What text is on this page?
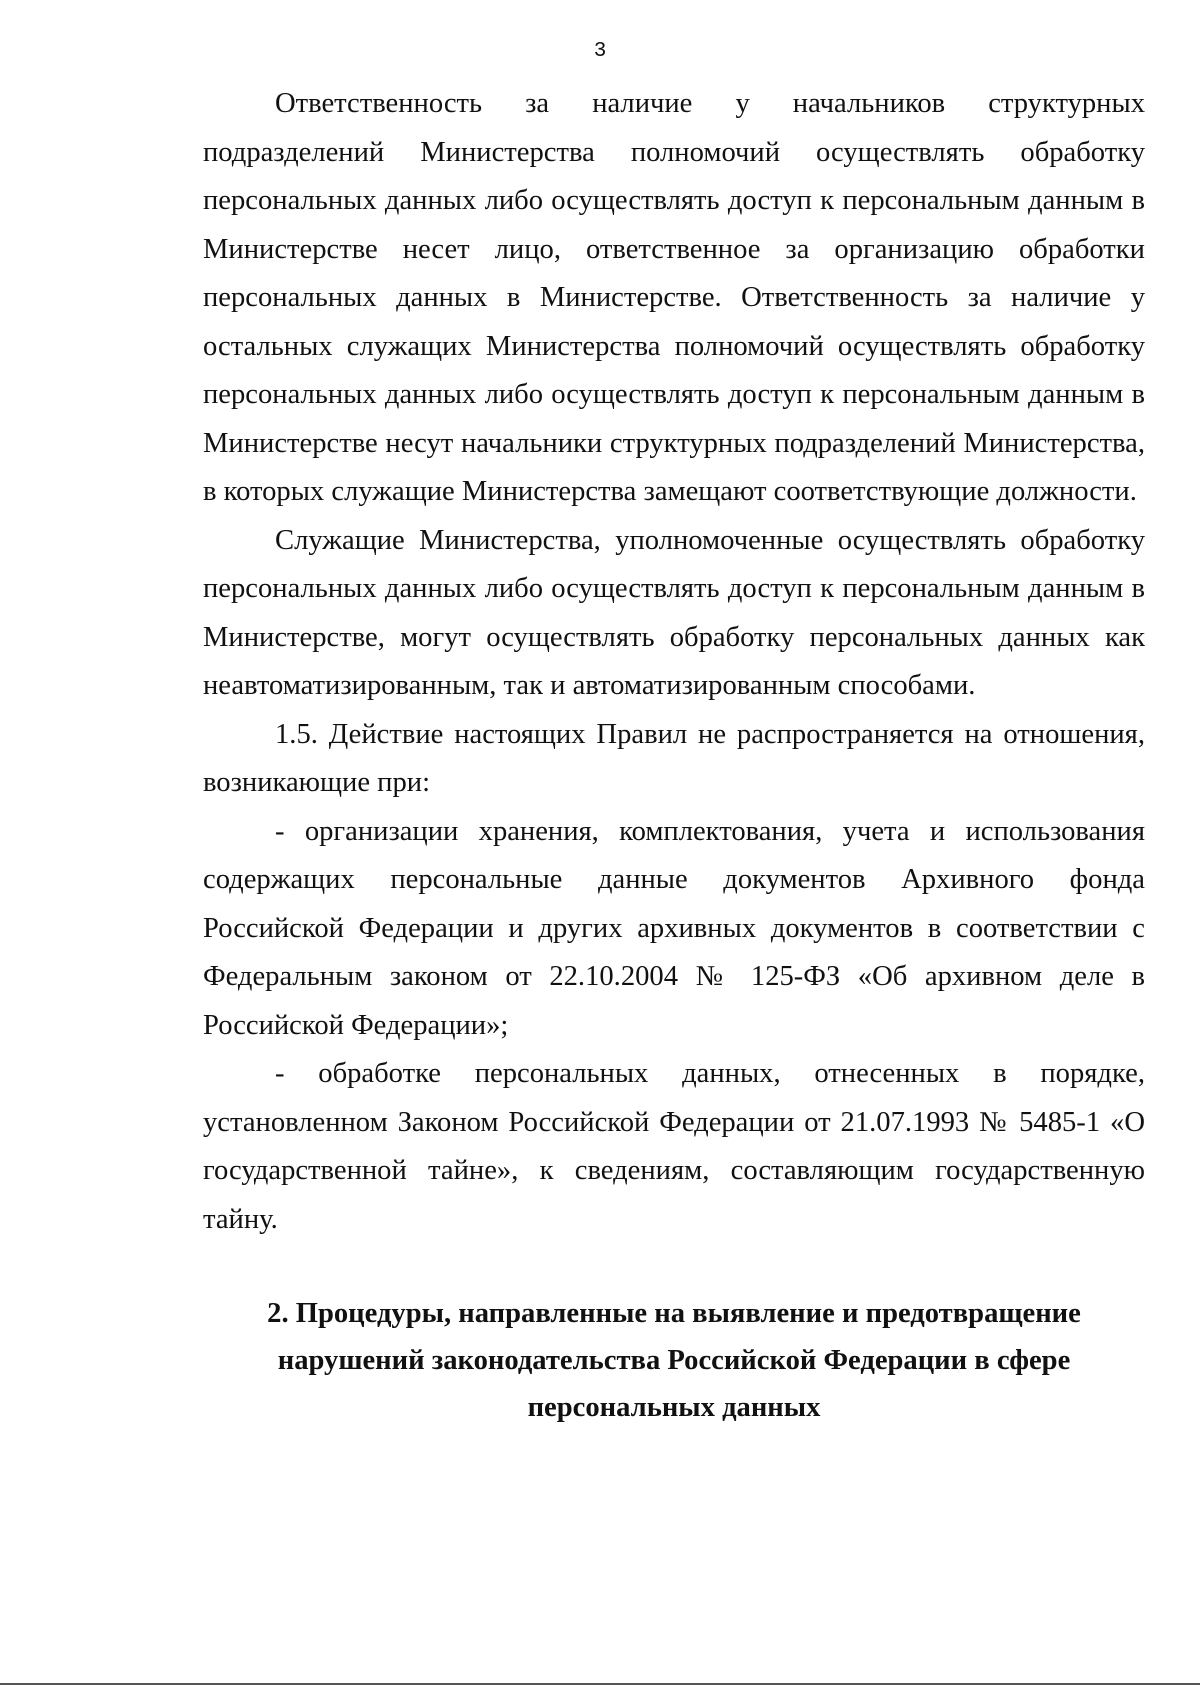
3

Ответственность за наличие у начальников структурных подразделений Министерства полномочий осуществлять обработку персональных данных либо осуществлять доступ к персональным данным в Министерстве несет лицо, ответственное за организацию обработки персональных данных в Министерстве. Ответственность за наличие у остальных служащих Министерства полномочий осуществлять обработку персональных данных либо осуществлять доступ к персональным данным в Министерстве несут начальники структурных подразделений Министерства, в которых служащие Министерства замещают соответствующие должности.

Служащие Министерства, уполномоченные осуществлять обработку персональных данных либо осуществлять доступ к персональным данным в Министерстве, могут осуществлять обработку персональных данных как неавтоматизированным, так и автоматизированным способами.

1.5. Действие настоящих Правил не распространяется на отношения, возникающие при:

- организации хранения, комплектования, учета и использования содержащих персональные данные документов Архивного фонда Российской Федерации и других архивных документов в соответствии с Федеральным законом от 22.10.2004 № 125-ФЗ «Об архивном деле в Российской Федерации»;

- обработке персональных данных, отнесенных в порядке, установленном Законом Российской Федерации от 21.07.1993 № 5485-1 «О государственной тайне», к сведениям, составляющим государственную тайну.

2. Процедуры, направленные на выявление и предотвращение
нарушений законодательства Российской Федерации в сфере
персональных данных
